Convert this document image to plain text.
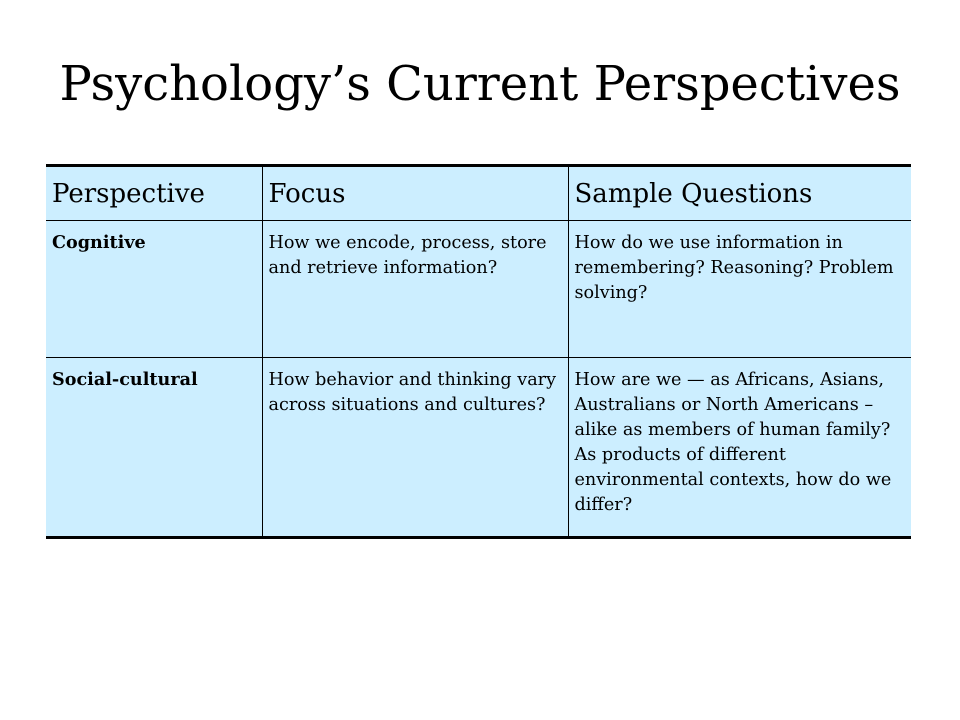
Psychology’s Current Perspectives
Perspective	Focus	Sample Questions
Cognitive	How we encode, process, store and retrieve information?	How do we use information in remembering? Reasoning? Problem solving?
Social-cultural	How behavior and thinking vary across situations and cultures?	How are we — as Africans, Asians, Australians or North Americans – alike as members of human family? As products of different environmental contexts, how do we differ?
